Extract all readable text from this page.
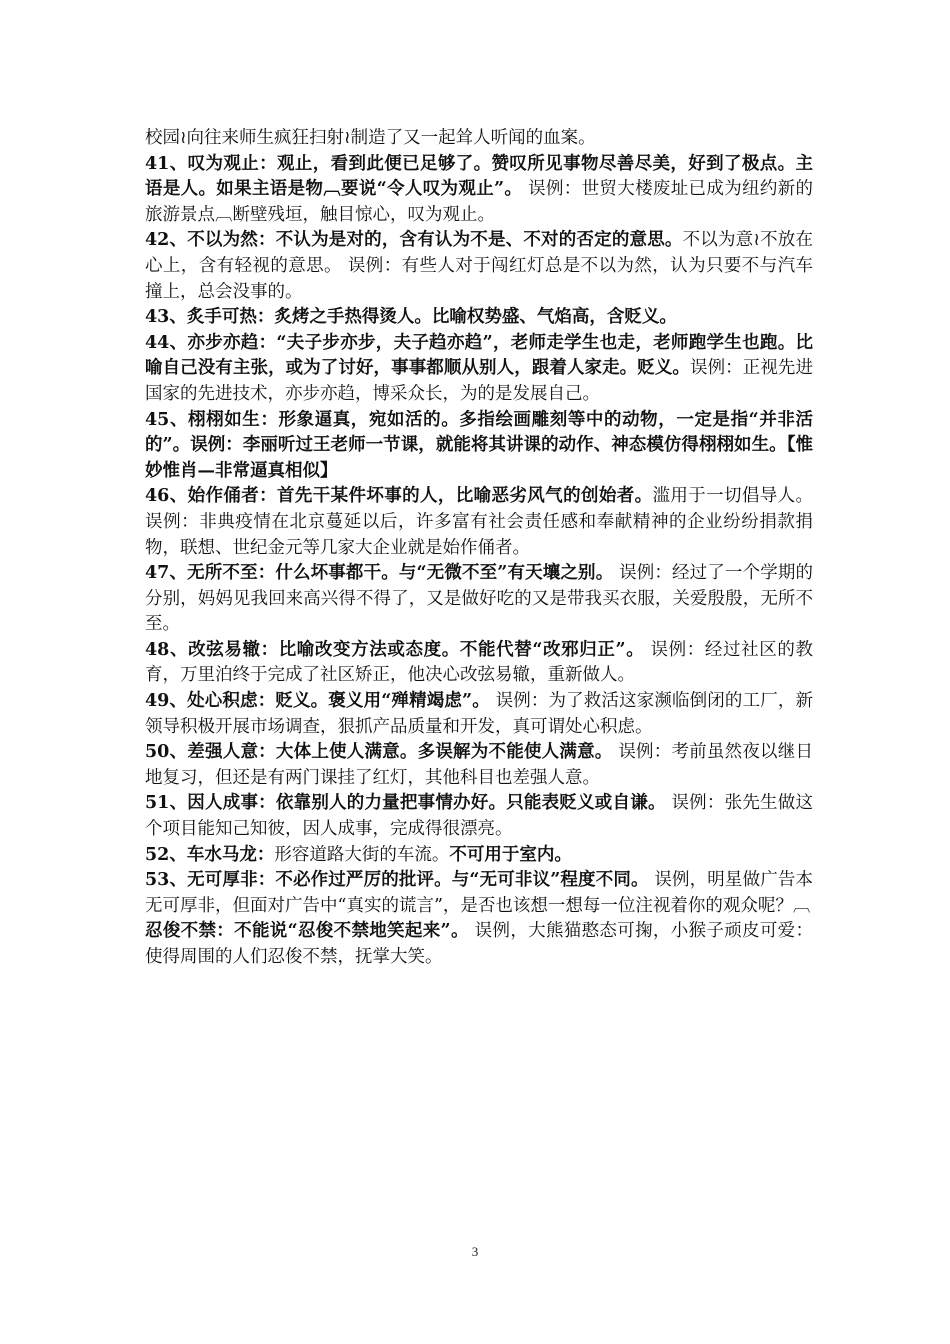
校园≀向往来师生疯狂扫射≀制造了又一起耸人听闻的血案。

41、叹为观止：观止，看到此便已足够了。赞叹所见事物尽善尽美，好到了极点。主语是人。如果主语是物︹要说“令人叹为观止”。 误例：世贸大楼废址已成为纽约新的旅游景点︹断壁残垣，触目惊心，叹为观止。

42、不以为然：不认为是对的，含有认为不是、不对的否定的意思。不以为意≀不放在心上，含有轻视的意思。 误例：有些人对于闯红灯总是不以为然，认为只要不与汽车撞上，总会没事的。

43、炙手可热：炙烤之手热得烫人。比喻权势盛、气焰高，含贬义。

44、亦步亦趋：“夫子步亦步，夫子趋亦趋”，老师走学生也走，老师跑学生也跑。比喻自己没有主张，或为了讨好，事事都顺从别人，跟着人家走。贬义。误例：正视先进国家的先进技术，亦步亦趋，博采众长，为的是发展自己。

45、栩栩如生：形象逼真，宛如活的。多指绘画雕刻等中的动物，一定是指“并非活的”。误例：李丽听过王老师一节课，就能将其讲课的动作、神态模仿得栩栩如生。【惟妙惟肖—非常逼真相似】

46、始作俑者：首先干某件坏事的人，比喻恶劣风气的创始者。滥用于一切倡导人。 误例：非典疫情在北京蔓延以后，许多富有社会责任感和奉献精神的企业纷纷捐款捐物，联想、世纪金元等几家大企业就是始作俑者。

47、无所不至：什么坏事都干。与“无微不至”有天壤之别。 误例：经过了一个学期的分别，妈妈见我回来高兴得不得了，又是做好吃的又是带我买衣服，关爱殷殷，无所不至。

48、改弦易辙：比喻改变方法或态度。不能代替“改邪归正”。 误例：经过社区的教育，万里泊终于完成了社区矫正，他决心改弦易辙，重新做人。

49、处心积虑：贬义。褒义用“殚精竭虑”。 误例：为了救活这家濒临倒闭的工厂，新领导积极开展市场调查，狠抓产品质量和开发，真可谓处心积虑。

50、差强人意：大体上使人满意。多误解为不能使人满意。 误例：考前虽然夜以继日地复习，但还是有两门课挂了红灯，其他科目也差强人意。

51、因人成事：依靠别人的力量把事情办好。只能表贬义或自谦。 误例：张先生做这个项目能知己知彼，因人成事，完成得很漂亮。

52、车水马龙：形容道路大街的车流。不可用于室内。

53、无可厚非：不必作过严厉的批评。与“无可非议”程度不同。 误例，明星做广告本无可厚非，但面对广告中“真实的谎言”，是否也该想一想每一位注视着你的观众呢？︹

忍俊不禁：不能说“忍俊不禁地笑起来”。 误例，大熊猫憨态可掬，小猴子顽皮可爱：使得周围的人们忍俊不禁，抚掌大笑。

3
